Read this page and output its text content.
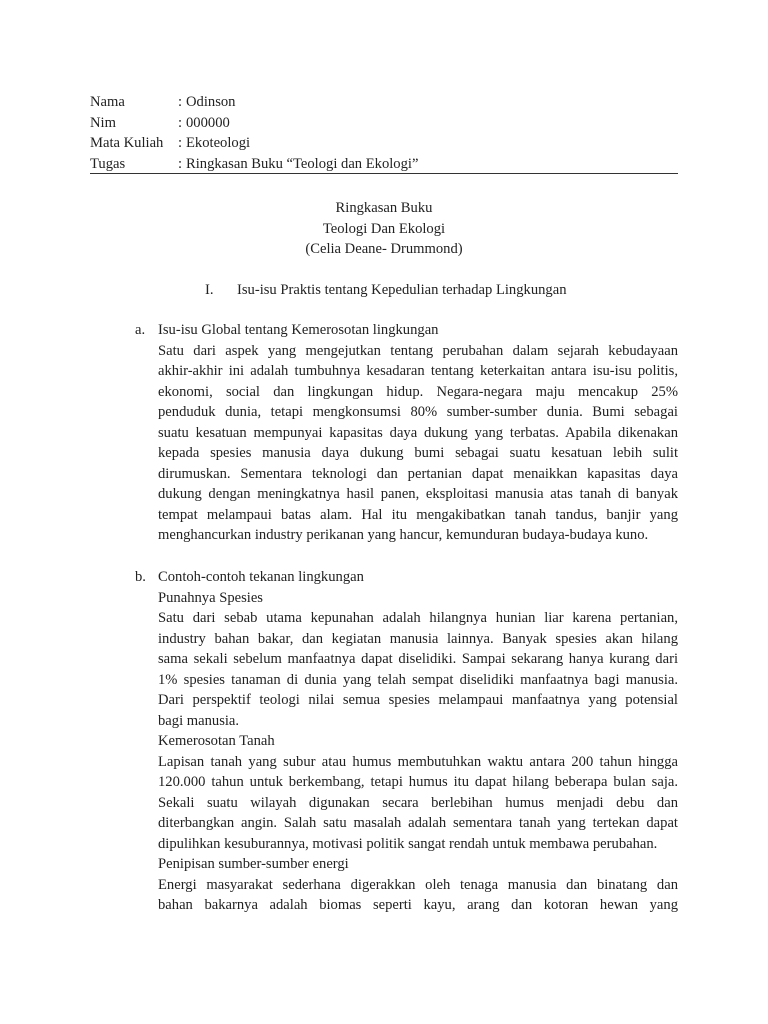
Nama	: Odinson
Nim	: 000000
Mata Kuliah : Ekoteologi
Tugas	: Ringkasan Buku “Teologi dan Ekologi”
Ringkasan Buku
Teologi Dan Ekologi
(Celia Deane- Drummond)
I. Isu-isu Praktis tentang Kepedulian terhadap Lingkungan
a. Isu-isu Global tentang Kemerosotan lingkungan
Satu dari aspek yang mengejutkan tentang perubahan dalam sejarah kebudayaan
akhir-akhir ini adalah tumbuhnya kesadaran tentang keterkaitan antara isu-isu politis,
ekonomi, social dan lingkungan hidup. Negara-negara maju mencakup 25%
penduduk dunia, tetapi mengkonsumsi 80% sumber-sumber dunia. Bumi sebagai
suatu kesatuan mempunyai kapasitas daya dukung yang terbatas. Apabila dikenakan
kepada spesies manusia daya dukung bumi sebagai suatu kesatuan lebih sulit
dirumuskan. Sementara teknologi dan pertanian dapat menaikkan kapasitas daya
dukung dengan meningkatnya hasil panen, eksploitasi manusia atas tanah di banyak
tempat melampaui batas alam. Hal itu mengakibatkan tanah tandus, banjir yang
menghancurkan industry perikanan yang hancur, kemunduran budaya-budaya kuno.
b. Contoh-contoh tekanan lingkungan
Punahnya Spesies
Satu dari sebab utama kepunahan adalah hilangnya hunian liar karena pertanian,
industry bahan bakar, dan kegiatan manusia lainnya. Banyak spesies akan hilang
sama sekali sebelum manfaatnya dapat diselidiki. Sampai sekarang hanya kurang dari
1% spesies tanaman di dunia yang telah sempat diselidiki manfaatnya bagi manusia.
Dari perspektif teologi nilai semua spesies melampaui manfaatnya yang potensial
bagi manusia.
Kemerosotan Tanah
Lapisan tanah yang subur atau humus membutuhkan waktu antara 200 tahun hingga
120.000 tahun untuk berkembang, tetapi humus itu dapat hilang beberapa bulan saja.
Sekali suatu wilayah digunakan secara berlebihan humus menjadi debu dan
diterbangkan angin. Salah satu masalah adalah sementara tanah yang tertekan dapat
dipulihkan kesuburannya, motivasi politik sangat rendah untuk membawa perubahan.
Penipisan sumber-sumber energi
Energi masyarakat sederhana digerakkan oleh tenaga manusia dan binatang dan
bahan bakarnya adalah biomas seperti kayu, arang dan kotoran hewan yang
